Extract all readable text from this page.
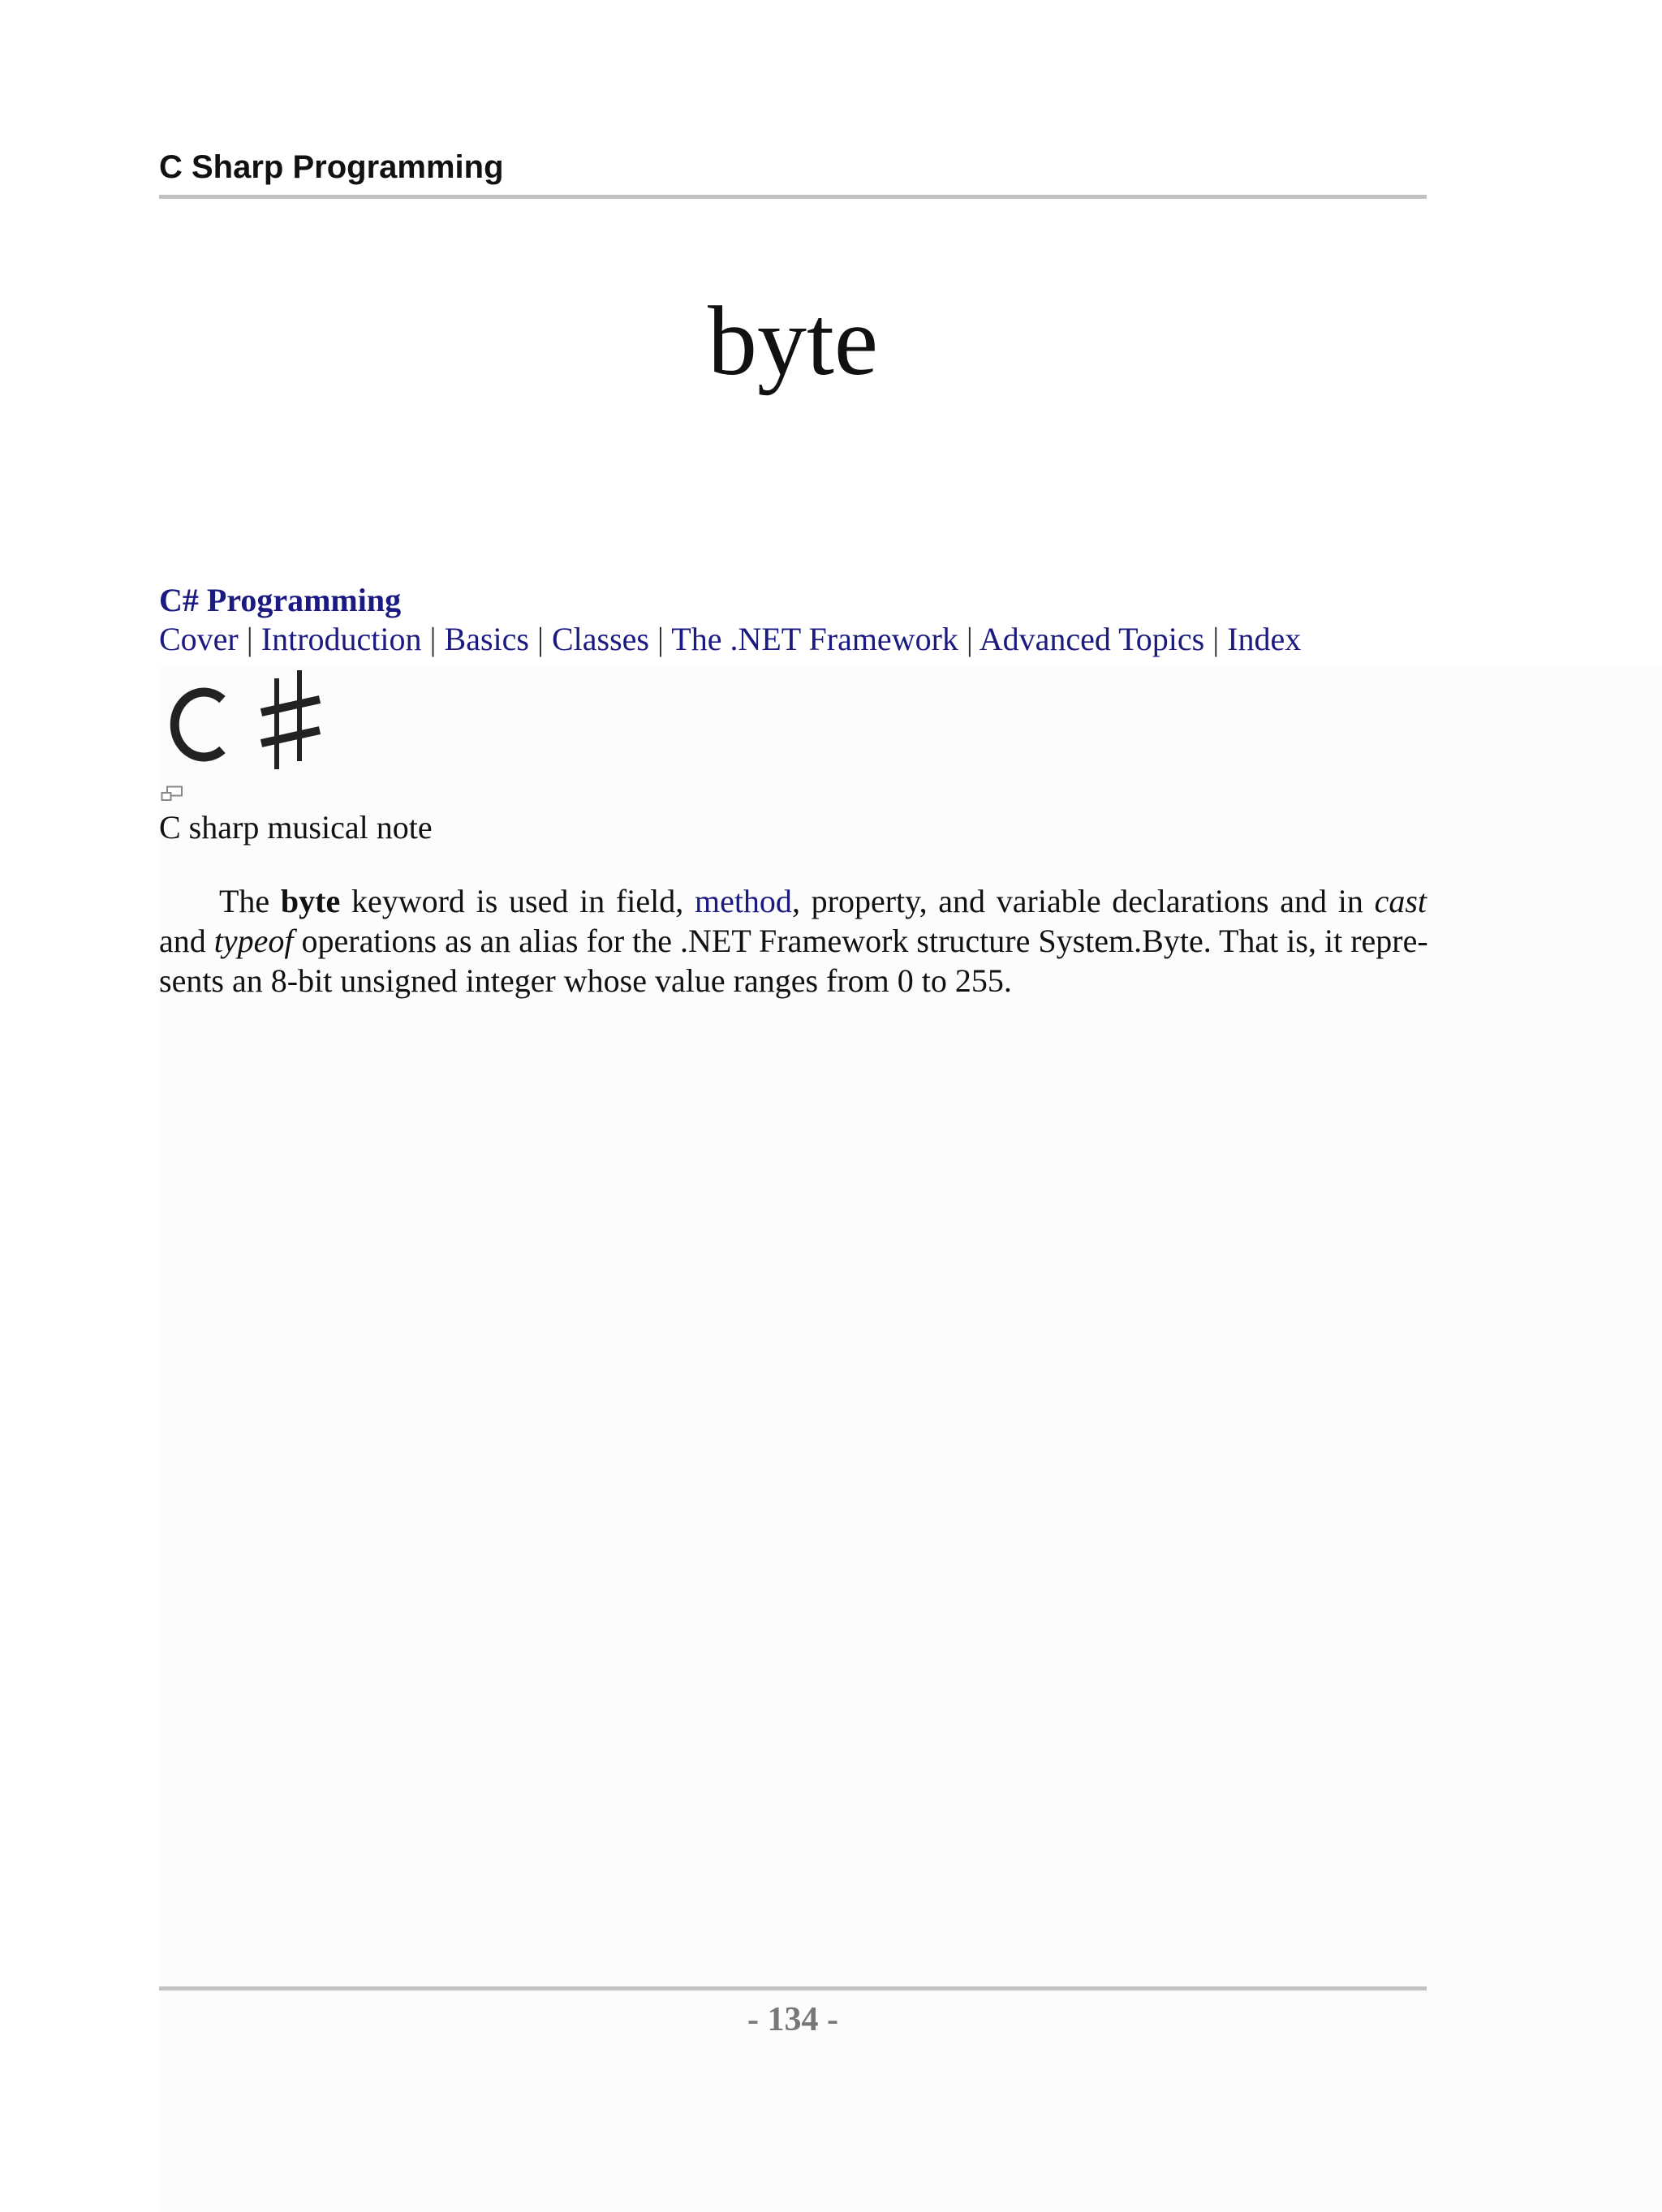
C Sharp Programming
byte
C# Programming
Cover | Introduction | Basics | Classes | The .NET Framework | Advanced Topics | Index
C sharp musical note
The byte keyword is used in field, method, property, and variable declarations and in cast
and typeof operations as an alias for the .NET Framework structure System.Byte. That is, it repre-
sents an 8-bit unsigned integer whose value ranges from 0 to 255.
- 134 -
